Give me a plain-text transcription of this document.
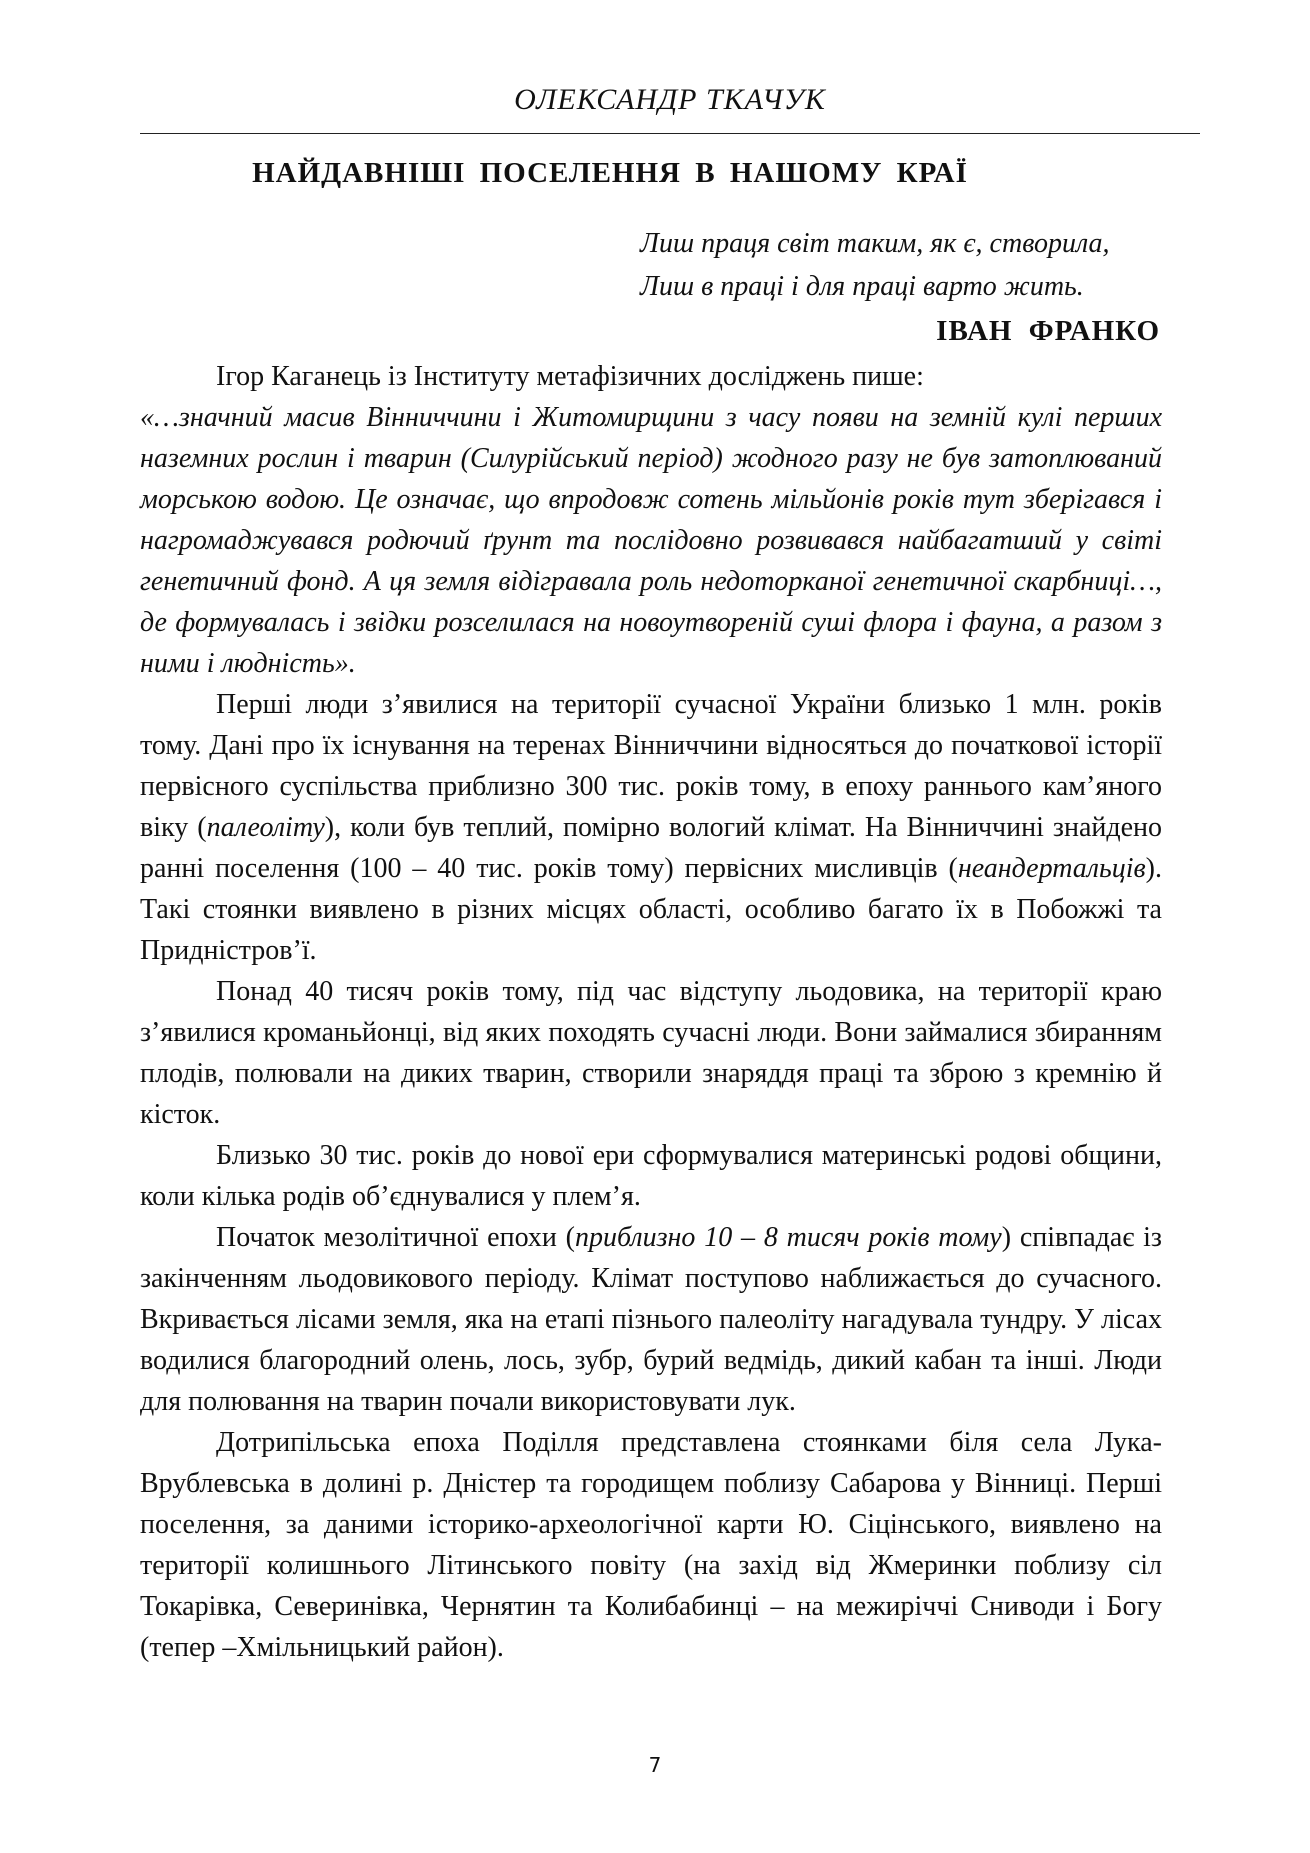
ОЛЕКСАНДР ТКАЧУК
НАЙДАВНІШІ ПОСЕЛЕННЯ В НАШОМУ КРАЇ
Лиш праця світ таким, як є, створила,
Лиш в праці і для праці варто жить.
ІВАН ФРАНКО

Ігор Каганець із Інституту метафізичних досліджень пише:

«…значний масив Вінниччини і Житомирщини з часу появи на земній кулі перших наземних рослин і тварин (Силурійський період) жодного разу не був затоплюваний морською водою. Це означає, що впродовж сотень мільйонів років тут зберігався і нагромаджувався родючий ґрунт та послідовно розвивався найбагатший у світі генетичний фонд. А ця земля відігравала роль недоторканої генетичної скарбниці…, де формувалась і звідки розселилася на новоутвореній суші флора і фауна, а разом з ними і людність».

Перші люди з’явилися на території сучасної України близько 1 млн. років тому. Дані про їх існування на теренах Вінниччини відносяться до початкової історії первісного суспільства приблизно 300 тис. років тому, в епоху раннього кам’яного віку (палеоліту), коли був теплий, помірно вологий клімат. На Вінниччині знайдено ранні поселення (100 – 40 тис. років тому) первісних мисливців (неандертальців). Такі стоянки виявлено в різних місцях області, особливо багато їх в Побожжі та Придністров’ї.

Понад 40 тисяч років тому, під час відступу льодовика, на території краю з’явилися кроманьйонці, від яких походять сучасні люди. Вони займалися збиранням плодів, полювали на диких тварин, створили знаряддя праці та зброю з кремнію й кісток.

Близько 30 тис. років до нової ери сформувалися материнські родові общини, коли кілька родів об’єднувалися у плем’я.

Початок мезолітичної епохи (приблизно 10 – 8 тисяч років тому) співпадає із закінченням льодовикового періоду. Клімат поступово наближається до сучасного. Вкривається лісами земля, яка на етапі пізнього палеоліту нагадувала тундру. У лісах водилися благородний олень, лось, зубр, бурий ведмідь, дикий кабан та інші. Люди для полювання на тварин почали використовувати лук.

Дотрипільська епоха Поділля представлена стоянками біля села Лука-Врублевська в долині р. Дністер та городищем поблизу Сабарова у Вінниці. Перші поселення, за даними історико-археологічної карти Ю. Сіцінського, виявлено на території колишнього Літинського повіту (на захід від Жмеринки поблизу сіл Токарівка, Северинівка, Чернятин та Колибабинці – на межиріччі Сниводи і Богу (тепер –Хмільницький район).

7
